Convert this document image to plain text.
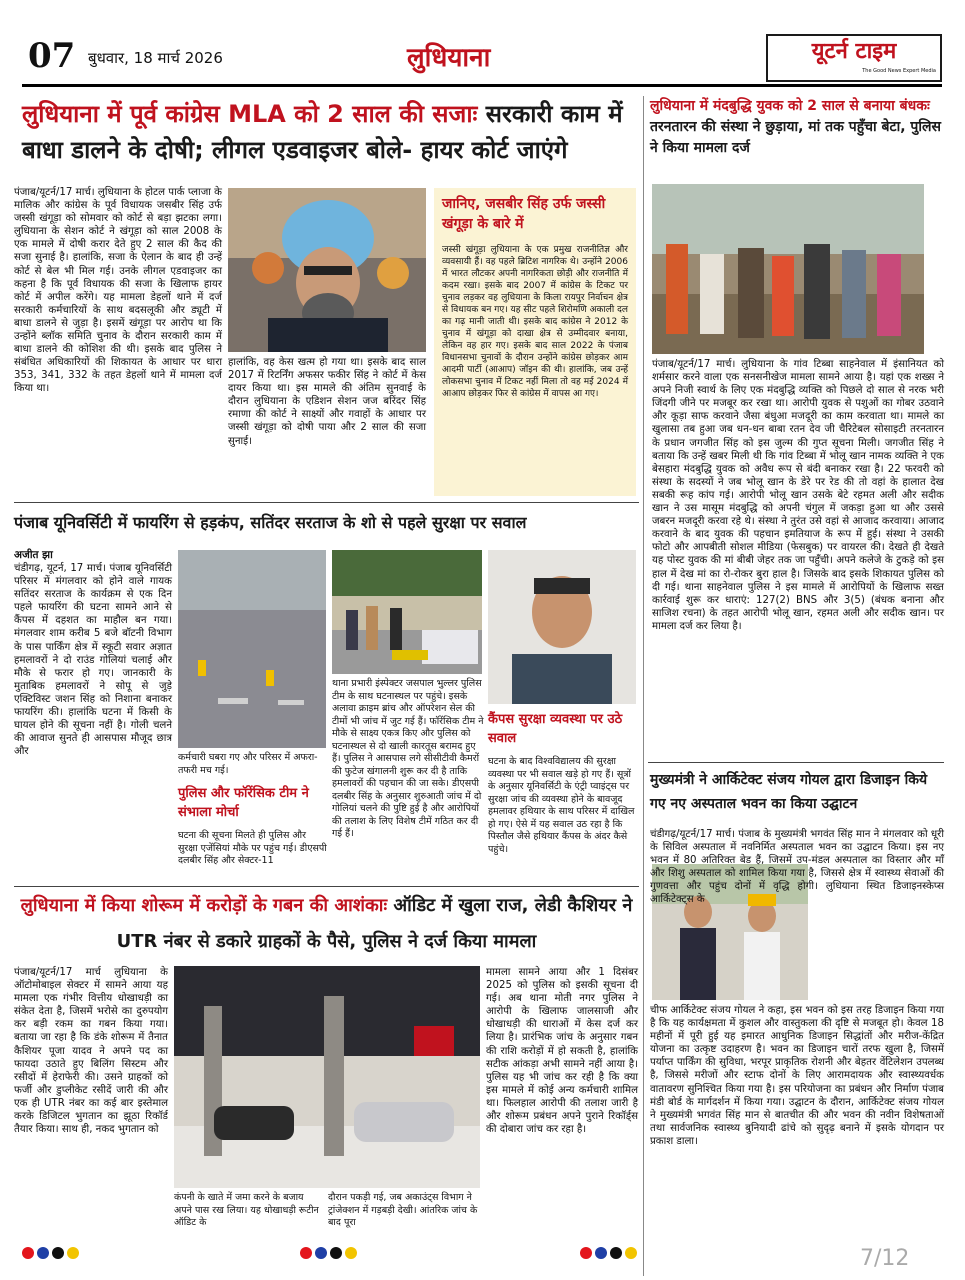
07 बुधवार, 18 मार्च 2026	लुधियाना	यूटर्न टाइम
The Good News Expert Media
लुधियाना में पूर्व कांग्रेस MLA को 2 साल की सजाः सरकारी काम में बाधा डालने के दोषी; लीगल एडवाइजर बोले- हायर कोर्ट जाएंगे
पंजाब/यूटर्न/17 मार्च। लुधियाना के होटल पार्क प्लाजा के मालिक और कांग्रेस के पूर्व विधायक जसबीर सिंह उर्फ जस्सी खंगूड़ा को सोमवार को कोर्ट से बड़ा झटका लगा। लुधियाना के सेशन कोर्ट ने खंगूड़ा को साल 2008 के एक मामले में दोषी करार देते हुए 2 साल की कैद की सजा सुनाई है। हालांकि, सजा के ऐलान के बाद ही उन्हें कोर्ट से बेल भी मिल गई। उनके लीगल एडवाइजर का कहना है कि पूर्व विधायक की सजा के खिलाफ हायर कोर्ट में अपील करेंगे। यह मामला डेहलों थाने में दर्ज सरकारी कर्मचारियों के साथ बदसलूकी और ड्यूटी में बाधा डालने से जुड़ा है। इसमें खंगूड़ा पर आरोप था कि उन्होंने ब्लॉक समिति चुनाव के दौरान सरकारी काम में बाधा डालने की कोशिश की थी। इसके बाद पुलिस ने संबंधित अधिकारियों की शिकायत के आधार पर धारा 353, 341, 332 के तहत डेहलों थाने में मामला दर्ज किया था।
हालांकि, वह केस खत्म हो गया था। इसके बाद साल 2017 में रिटर्निंग अफसर फकीर सिंह ने कोर्ट में केस दायर किया था। इस मामले की अंतिम सुनवाई के दौरान लुधियाना के एडिशन सेशन जज बरिंदर सिंह रमाणा की कोर्ट ने साक्ष्यों और गवाहों के आधार पर जस्सी खंगूड़ा को दोषी पाया और 2 साल की सजा सुनाई।
जानिए, जसबीर सिंह उर्फ जस्सी खंगूड़ा के बारे में
जस्सी खंगूड़ा लुधियाना के एक प्रमुख राजनीतिज्ञ और व्यवसायी हैं। वह पहले ब्रिटिश नागरिक थे। उन्होंने 2006 में भारत लौटकर अपनी नागरिकता छोड़ी और राजनीति में कदम रखा। इसके बाद 2007 में कांग्रेस के टिकट पर चुनाव लड़कर वह लुधियाना के किला रायपुर निर्वाचन क्षेत्र से विधायक बन गए। यह सीट पहले शिरोमणि अकाली दल का गढ़ मानी जाती थी। इसके बाद कांग्रेस ने 2012 के चुनाव में खंगूड़ा को दाखा क्षेत्र से उम्मीदवार बनाया, लेकिन वह हार गए। इसके बाद साल 2022 के पंजाब विधानसभा चुनावों के दौरान उन्होंने कांग्रेस छोड़कर आम आदमी पार्टी (आआप) जॉइन की थी। हालांकि, जब उन्हें लोकसभा चुनाव में टिकट नहीं मिला तो वह मई 2024 में आआप छोड़कर फिर से कांग्रेस में वापस आ गए।
लुधियाना में मंदबुद्धि युवक को 2 साल से बनाया बंधकः तरनतारन की संस्था ने छुड़ाया, मां तक पहुँचा बेटा, पुलिस ने किया मामला दर्ज
पंजाब/यूटर्न/17 मार्च। लुधियाना के गांव टिब्बा साहनेवाल में इंसानियत को शर्मसार करने वाला एक सनसनीखेज मामला सामने आया है। यहां एक शख्स ने अपने निजी स्वार्थ के लिए एक मंदबुद्धि व्यक्ति को पिछले दो साल से नरक भरी जिंदगी जीने पर मजबूर कर रखा था। आरोपी युवक से पशुओं का गोबर उठवाने और कूड़ा साफ करवाने जैसा बंधुआ मजदूरी का काम करवाता था। मामले का खुलासा तब हुआ जब धन-धन बाबा रतन देव जी चैरिटेबल सोसाइटी तरनतारन के प्रधान जगजीत सिंह को इस जुल्म की गुप्त सूचना मिली। जगजीत सिंह ने बताया कि उन्हें खबर मिली थी कि गांव टिब्बा में भोलू खान नामक व्यक्ति ने एक बेसहारा मंदबुद्धि युवक को अवैध रूप से बंदी बनाकर रखा है। 22 फरवरी को संस्था के सदस्यों ने जब भोलू खान के डेरे पर रेड की तो वहां के हालात देख सबकी रूह कांप गई। आरोपी भोलू खान उसके बेटे रहमत अली और सदीक खान ने उस मासूम मंदबुद्धि को अपनी चंगुल में जकड़ा हुआ था और उससे जबरन मजदूरी करवा रहे थे। संस्था ने तुरंत उसे वहां से आजाद करवाया। आजाद करवाने के बाद युवक की पहचान इमतियाज के रूप में हुई। संस्था ने उसकी फोटो और आपबीती सोशल मीडिया (फेसबुक) पर वायरल की। देखते ही देखते यह पोस्ट युवक की मां बीबी जेहर तक जा पहुँची। अपने कलेजे के टुकड़े को इस हाल में देख मां का रो-रोकर बुरा हाल है। जिसके बाद इसके शिकायत पुलिस को दी गई। थाना साहनेवाल पुलिस ने इस मामले में आरोपियों के खिलाफ सख्त कार्रवाई शुरू कर धाराएं: 127(2) BNS और 3(5) (बंधक बनाना और साजिश रचना) के तहत आरोपी भोलू खान, रहमत अली और सदीक खान। पर मामला दर्ज कर लिया है।
पंजाब यूनिवर्सिटी में फायरिंग से हड़कंप, सतिंदर सरताज के शो से पहले सुरक्षा पर सवाल
अजीत झा
चंडीगढ़, यूटर्न, 17 मार्च। पंजाब यूनिवर्सिटी परिसर में मंगलवार को होने वाले गायक सतिंदर सरताज के कार्यक्रम से एक दिन पहले फायरिंग की घटना सामने आने से कैंपस में दहशत का माहौल बन गया। मंगलवार शाम करीब 5 बजे बॉटनी विभाग के पास पार्किंग क्षेत्र में स्कूटी सवार अज्ञात हमलावरों ने दो राउंड गोलियां चलाई और मौके से फरार हो गए। जानकारी के मुताबिक हमलावरों ने सोपू से जुड़े एक्टिविस्ट जशन सिंह को निशाना बनाकर फायरिंग की। हालांकि घटना में किसी के घायल होने की सूचना नहीं है। गोली चलने की आवाज सुनते ही आसपास मौजूद छात्र और
कर्मचारी घबरा गए और परिसर में अफरा-तफरी मच गई।
पुलिस और फॉरेंसिक टीम ने संभाला मोर्चा
घटना की सूचना मिलते ही पुलिस और सुरक्षा एजेंसियां मौके पर पहुंच गई। डीएसपी दलबीर सिंह और सेक्टर-11
थाना प्रभारी इंस्पेक्टर जसपाल भुल्लर पुलिस टीम के साथ घटनास्थल पर पहुंचे। इसके अलावा क्राइम ब्रांच और ऑपरेशन सेल की टीमों भी जांच में जुट गई हैं। फॉरेंसिक टीम ने मौके से साक्ष्य एकत्र किए और पुलिस को घटनास्थल से दो खाली कारतूस बरामद हुए हैं। पुलिस ने आसपास लगे सीसीटीवी कैमरों की फुटेज खंगालनी शुरू कर दी है ताकि हमलावरों की पहचान की जा सके। डीएसपी दलबीर सिंह के अनुसार शुरुआती जांच में दो गोलियां चलने की पुष्टि हुई है और आरोपियों की तलाश के लिए विशेष टीमें गठित कर दी गई हैं।
कैंपस सुरक्षा व्यवस्था पर उठे सवाल
घटना के बाद विश्वविद्यालय की सुरक्षा व्यवस्था पर भी सवाल खड़े हो गए हैं। सूत्रों के अनुसार यूनिवर्सिटी के एंट्री प्वाइंट्स पर सुरक्षा जांच की व्यवस्था होने के बावजूद हमलावर हथियार के साथ परिसर में दाखिल हो गए। ऐसे में यह सवाल उठ रहा है कि पिस्तौल जैसे हथियार कैंपस के अंदर कैसे पहुंचे।
मुख्यमंत्री ने आर्किटेक्ट संजय गोयल द्वारा डिजाइन किये गए नए अस्पताल भवन का किया उद्घाटन
चंडीगढ़/यूटर्न/17 मार्च। पंजाब के मुख्यमंत्री भगवंत सिंह मान ने मंगलवार को धूरी के सिविल अस्पताल में नवनिर्मित अस्पताल भवन का उद्घाटन किया। इस नए भवन में 80 अतिरिक्त बेड हैं, जिसमें उप-मंडल अस्पताल का विस्तार और माँ और शिशु अस्पताल को शामिल किया गया है, जिससे क्षेत्र में स्वास्थ्य सेवाओं की गुणवत्ता और पहुंच दोनों में वृद्धि होगी। लुधियाना स्थित डिजाइनस्केप्स आर्किटेक्ट्स के
चीफ आर्किटेक्ट संजय गोयल ने कहा, इस भवन को इस तरह डिजाइन किया गया है कि यह कार्यक्षमता में कुशल और वास्तुकला की दृष्टि से मजबूत हो। केवल 18 महीनों में पूरी हुई यह इमारत आधुनिक डिजाइन सिद्धांतों और मरीज-केंद्रित योजना का उत्कृष्ट उदाहरण है। भवन का डिजाइन चारों तरफ खुला है, जिसमें पर्याप्त पार्किंग की सुविधा, भरपूर प्राकृतिक रोशनी और बेहतर वेंटिलेशन उपलब्ध है, जिससे मरीजों और स्टाफ दोनों के लिए आरामदायक और स्वास्थ्यवर्धक वातावरण सुनिश्चित किया गया है। इस परियोजना का प्रबंधन और निर्माण पंजाब मंडी बोर्ड के मार्गदर्शन में किया गया। उद्घाटन के दौरान, आर्किटेक्ट संजय गोयल ने मुख्यमंत्री भगवंत सिंह मान से बातचीत की और भवन की नवीन विशेषताओं तथा सार्वजनिक स्वास्थ्य बुनियादी ढांचे को सुदृढ़ बनाने में इसके योगदान पर प्रकाश डाला।
लुधियाना में किया शोरूम में करोड़ों के गबन की आशंकाः ऑडिट में खुला राज, लेडी कैशियर ने UTR नंबर से डकारे ग्राहकों के पैसे, पुलिस ने दर्ज किया मामला
पंजाब/यूटर्न/17 मार्च लुधियाना के ऑटोमोबाइल सेक्टर में सामने आया यह मामला एक गंभीर वित्तीय धोखाधड़ी का संकेत देता है, जिसमें भरोसे का दुरुपयोग कर बड़ी रकम का गबन किया गया। बताया जा रहा है कि डंके शोरूम में तैनात कैशियर पूजा यादव ने अपने पद का फायदा उठाते हुए बिलिंग सिस्टम और रसीदों में हेराफेरी की। उसने ग्राहकों को फर्जी और डुप्लीकेट रसीदें जारी की और एक ही UTR नंबर का कई बार इस्तेमाल करके डिजिटल भुगतान का झूठा रिकॉर्ड तैयार किया। साथ ही, नकद भुगतान को
कंपनी के खाते में जमा करने के बजाय अपने पास रख लिया। यह धोखाधड़ी रूटीन ऑडिट के
दौरान पकड़ी गई, जब अकाउंट्स विभाग ने ट्रांजेक्शन में गड़बड़ी देखी। आंतरिक जांच के बाद पूरा
मामला सामने आया और 1 दिसंबर 2025 को पुलिस को इसकी सूचना दी गई। अब थाना मोती नगर पुलिस ने आरोपी के खिलाफ जालसाजी और धोखाधड़ी की धाराओं में केस दर्ज कर लिया है। प्रारंभिक जांच के अनुसार गबन की राशि करोड़ों में हो सकती है, हालांकि सटीक आंकड़ा अभी सामने नहीं आया है। पुलिस यह भी जांच कर रही है कि क्या इस मामले में कोई अन्य कर्मचारी शामिल था। फिलहाल आरोपी की तलाश जारी है और शोरूम प्रबंधन अपने पुराने रिकॉर्ड्स की दोबारा जांच कर रहा है।
7/12
